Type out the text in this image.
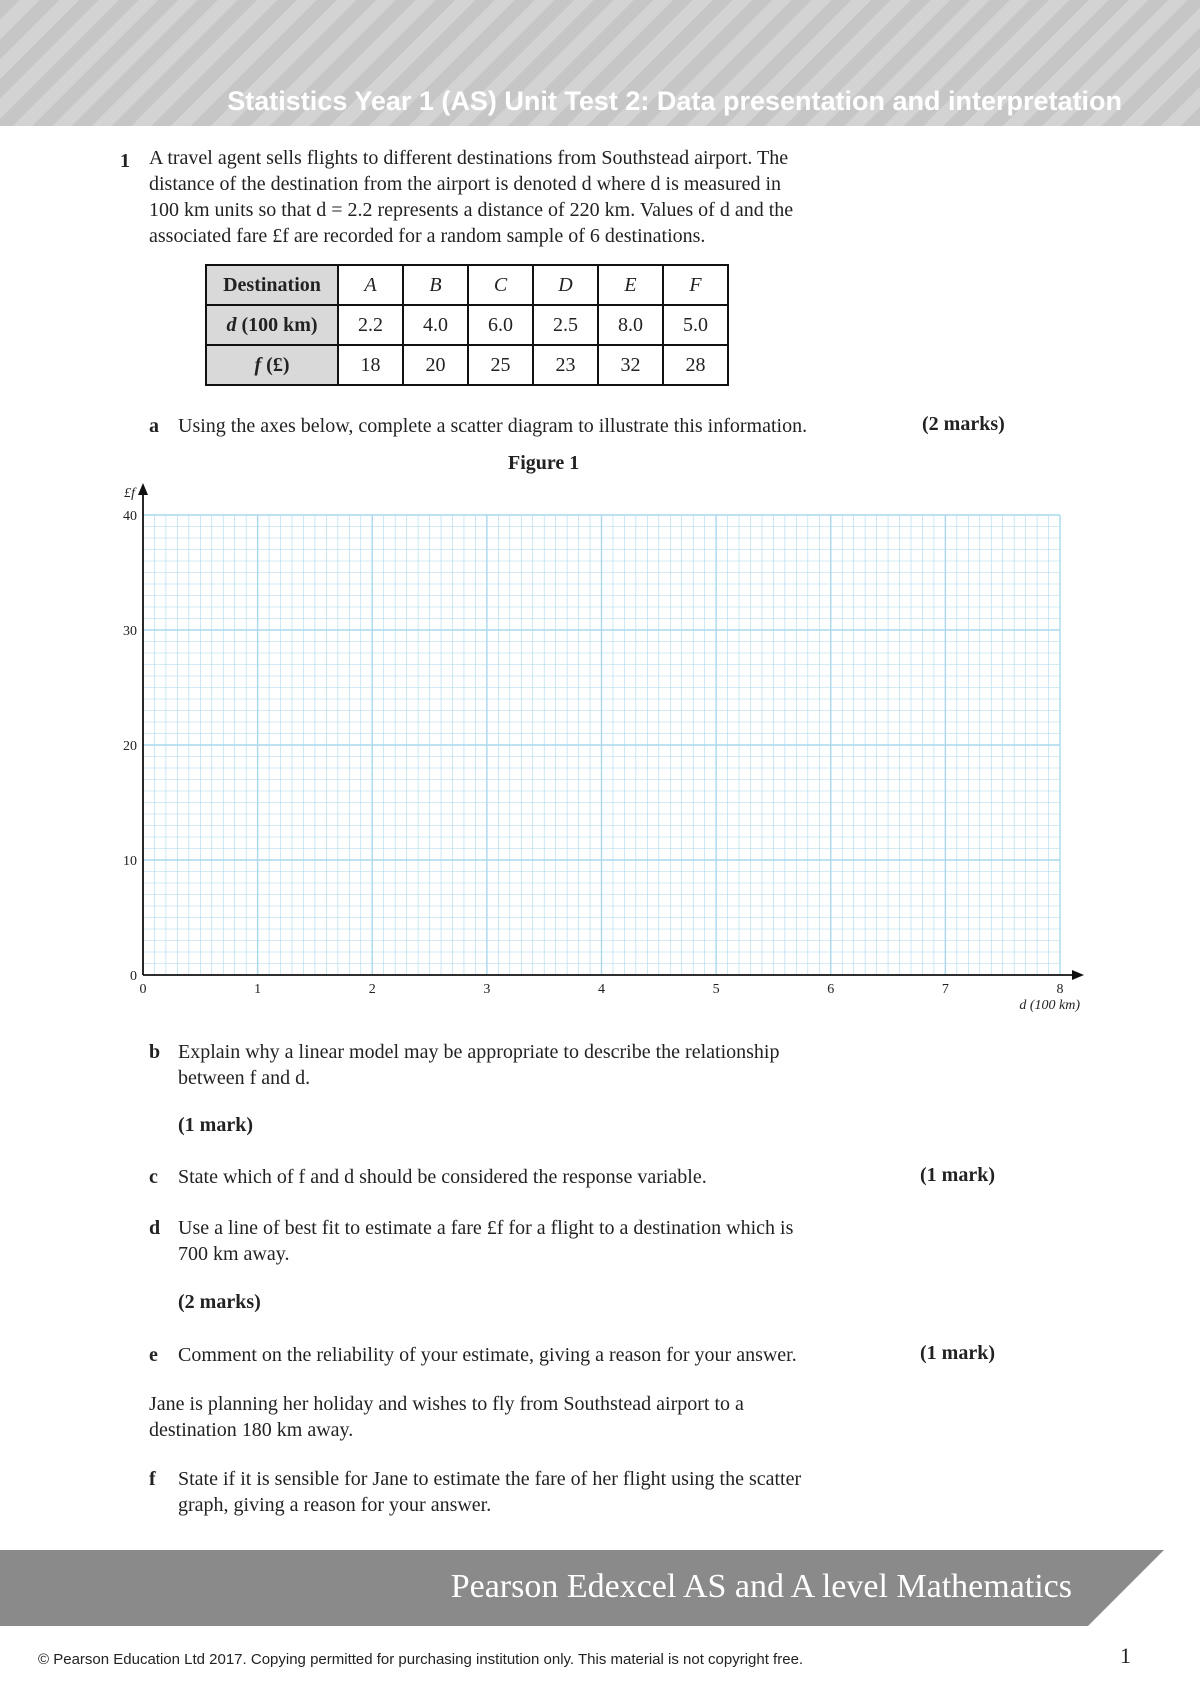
Statistics Year 1 (AS) Unit Test 2: Data presentation and interpretation
1 A travel agent sells flights to different destinations from Southstead airport. The

distance of the destination from the airport is denoted d where d is measured in

100 km units so that d = 2.2 represents a distance of 220 km. Values of d and the

associated fare £f are recorded for a random sample of 6 destinations.

Destination	A	B	C	D	E	F
d (100 km)	2.2	4.0	6.0	2.5	8.0	5.0
f (£)	18	20	25	23	32	28
a Using the axes below, complete a scatter diagram to illustrate this information.	(2 marks)
Figure 1
0	1	2	3	4	5	6	7	8
0
10
20
30
40
£f
d (100 km)
b Explain why a linear model may be appropriate to describe the relationship
between f and d.
(1 mark)
c State which of f and d should be considered the response variable.	(1 mark)
d Use a line of best fit to estimate a fare £f for a flight to a destination which is
700 km away.
(2 marks)
e Comment on the reliability of your estimate, giving a reason for your answer.	(1 mark)
Jane is planning her holiday and wishes to fly from Southstead airport to a
destination 180 km away.
f State if it is sensible for Jane to estimate the fare of her flight using the scatter
graph, giving a reason for your answer.
Pearson Edexcel AS and A level Mathematics
© Pearson Education Ltd 2017. Copying permitted for purchasing institution only. This material is not copyright free.	1
